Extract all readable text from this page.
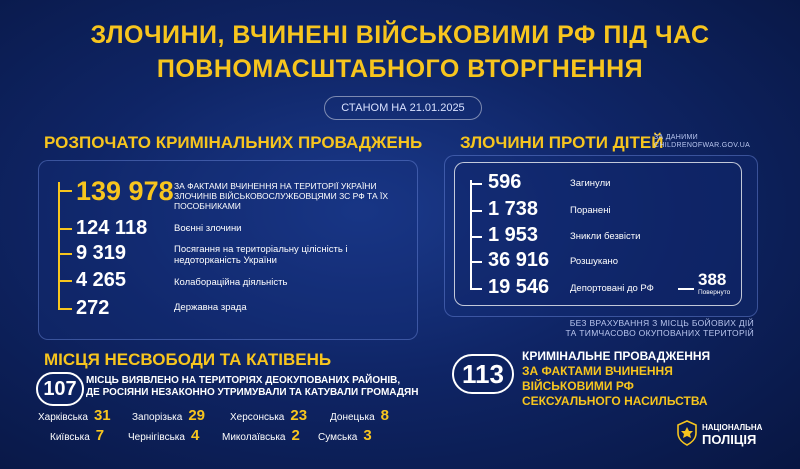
ЗЛОЧИНИ, ВЧИНЕНІ ВІЙСЬКОВИМИ РФ ПІД ЧАС
ПОВНОМАСШТАБНОГО ВТОРГНЕННЯ
СТАНОМ НА 21.01.2025
РОЗПОЧАТО КРИМІНАЛЬНИХ ПРОВАДЖЕНЬ
139 978 ЗА ФАКТАМИ ВЧИНЕННЯ НА ТЕРИТОРІЇ УКРАЇНИ ЗЛОЧИНІВ ВІЙСЬКОВОСЛУЖБОВЦЯМИ ЗС РФ ТА ЇХ ПОСОБНИКАМИ
124 118	Воєнні злочини
9 319	Посягання на територіальну цілісність і недоторканість України
4 265	Колабораційна діяльність
272	Державна зрада
ЗЛОЧИНИ ПРОТИ ДІТЕЙ
ЗА ДАНИМИ
CHILDRENOFWAR.GOV.UA
596	Загинули
1 738	Поранені
1 953	Зникли безвісти
36 916 Розшукано
19 546 Депортовані до РФ	388
Повернуто
БЕЗ ВРАХУВАННЯ З МІСЦЬ БОЙОВИХ ДІЙ
ТА ТИМЧАСОВО ОКУПОВАНИХ ТЕРИТОРІЙ
МІСЦЯ НЕСВОБОДИ ТА КАТІВЕНЬ
107 МІСЦЬ ВИЯВЛЕНО НА ТЕРИТОРІЯХ ДЕОКУПОВАНИХ РАЙОНІВ,
ДЕ РОСІЯНИ НЕЗАКОННО УТРИМУВАЛИ ТА КАТУВАЛИ ГРОМАДЯН
Харківська 31 Запорізька 29	Херсонська 23 Донецька 8
Київська 7 Чернігівська 4 Миколаївська 2 Сумська 3
113
КРИМІНАЛЬНЕ ПРОВАДЖЕННЯ
ЗА ФАКТАМИ ВЧИНЕННЯ
ВІЙСЬКОВИМИ РФ
СЕКСУАЛЬНОГО НАСИЛЬСТВА
НАЦІОНАЛЬНА
ПОЛІЦІЯ
